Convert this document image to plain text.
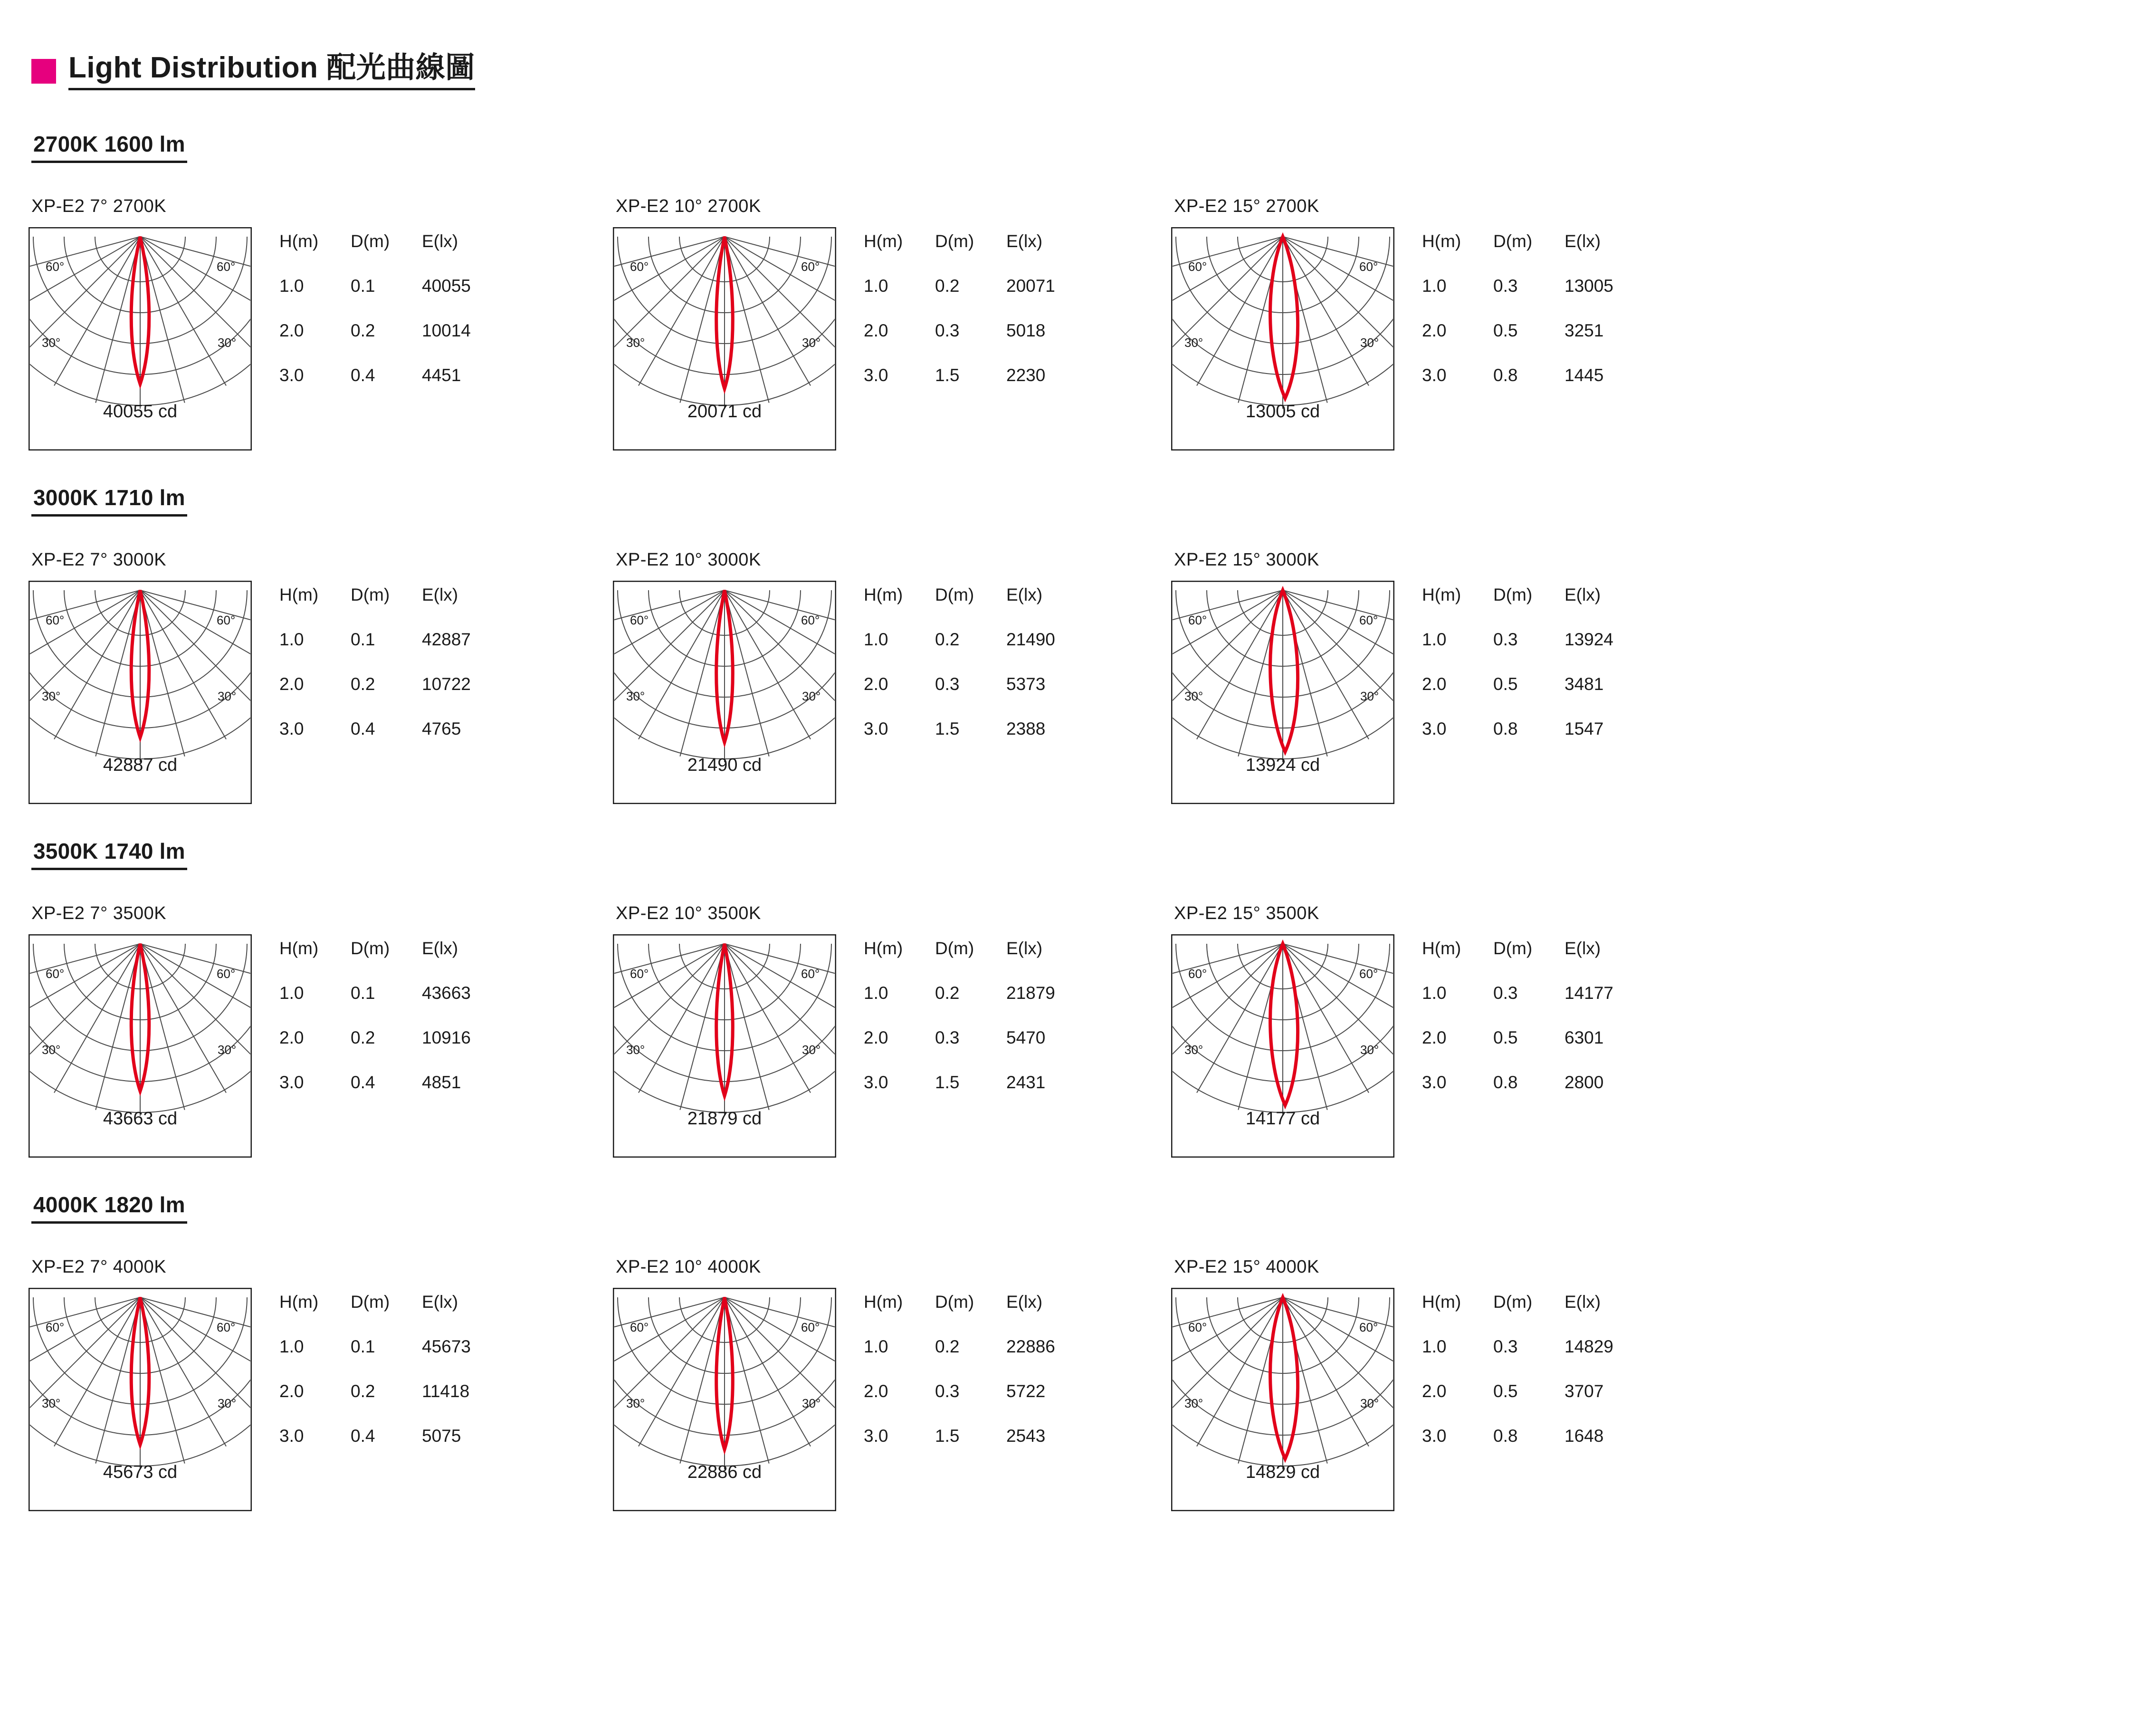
Light Distribution 配光曲線圖
2700K 1600 lm
XP-E2 7° 2700K
60°	60°
30°	30°
40055 cd
H(m)	D(m)	E(lx)
1.0	0.1	40055
2.0	0.2	10014
3.0	0.4	4451
XP-E2 10° 2700K
60°	60°
30°	30°
20071 cd
H(m)	D(m)	E(lx)
1.0	0.2	20071
2.0	0.3	5018
3.0	1.5	2230
XP-E2 15° 2700K
60°	60°
30°	30°
13005 cd
H(m)	D(m)	E(lx)
1.0	0.3	13005
2.0	0.5	3251
3.0	0.8	1445
3000K 1710 lm
XP-E2 7° 3000K
60°	60°
30°	30°
42887 cd
H(m)	D(m)	E(lx)
1.0	0.1	42887
2.0	0.2	10722
3.0	0.4	4765
XP-E2 10° 3000K
60°	60°
30°	30°
21490 cd
H(m)	D(m)	E(lx)
1.0	0.2	21490
2.0	0.3	5373
3.0	1.5	2388
XP-E2 15° 3000K
60°	60°
30°	30°
13924 cd
H(m)	D(m)	E(lx)
1.0	0.3	13924
2.0	0.5	3481
3.0	0.8	1547
3500K 1740 lm
XP-E2 7° 3500K
60°	60°
30°	30°
43663 cd
H(m)	D(m)	E(lx)
1.0	0.1	43663
2.0	0.2	10916
3.0	0.4	4851
XP-E2 10° 3500K
60°	60°
30°	30°
21879 cd
H(m)	D(m)	E(lx)
1.0	0.2	21879
2.0	0.3	5470
3.0	1.5	2431
XP-E2 15° 3500K
60°	60°
30°	30°
14177 cd
H(m)	D(m)	E(lx)
1.0	0.3	14177
2.0	0.5	6301
3.0	0.8	2800
4000K 1820 lm
XP-E2 7° 4000K
60°	60°
30°	30°
45673 cd
H(m)	D(m)	E(lx)
1.0	0.1	45673
2.0	0.2	11418
3.0	0.4	5075
XP-E2 10° 4000K
60°	60°
30°	30°
22886 cd
H(m)	D(m)	E(lx)
1.0	0.2	22886
2.0	0.3	5722
3.0	1.5	2543
XP-E2 15° 4000K
60°	60°
30°	30°
14829 cd
H(m)	D(m)	E(lx)
1.0	0.3	14829
2.0	0.5	3707
3.0	0.8	1648
